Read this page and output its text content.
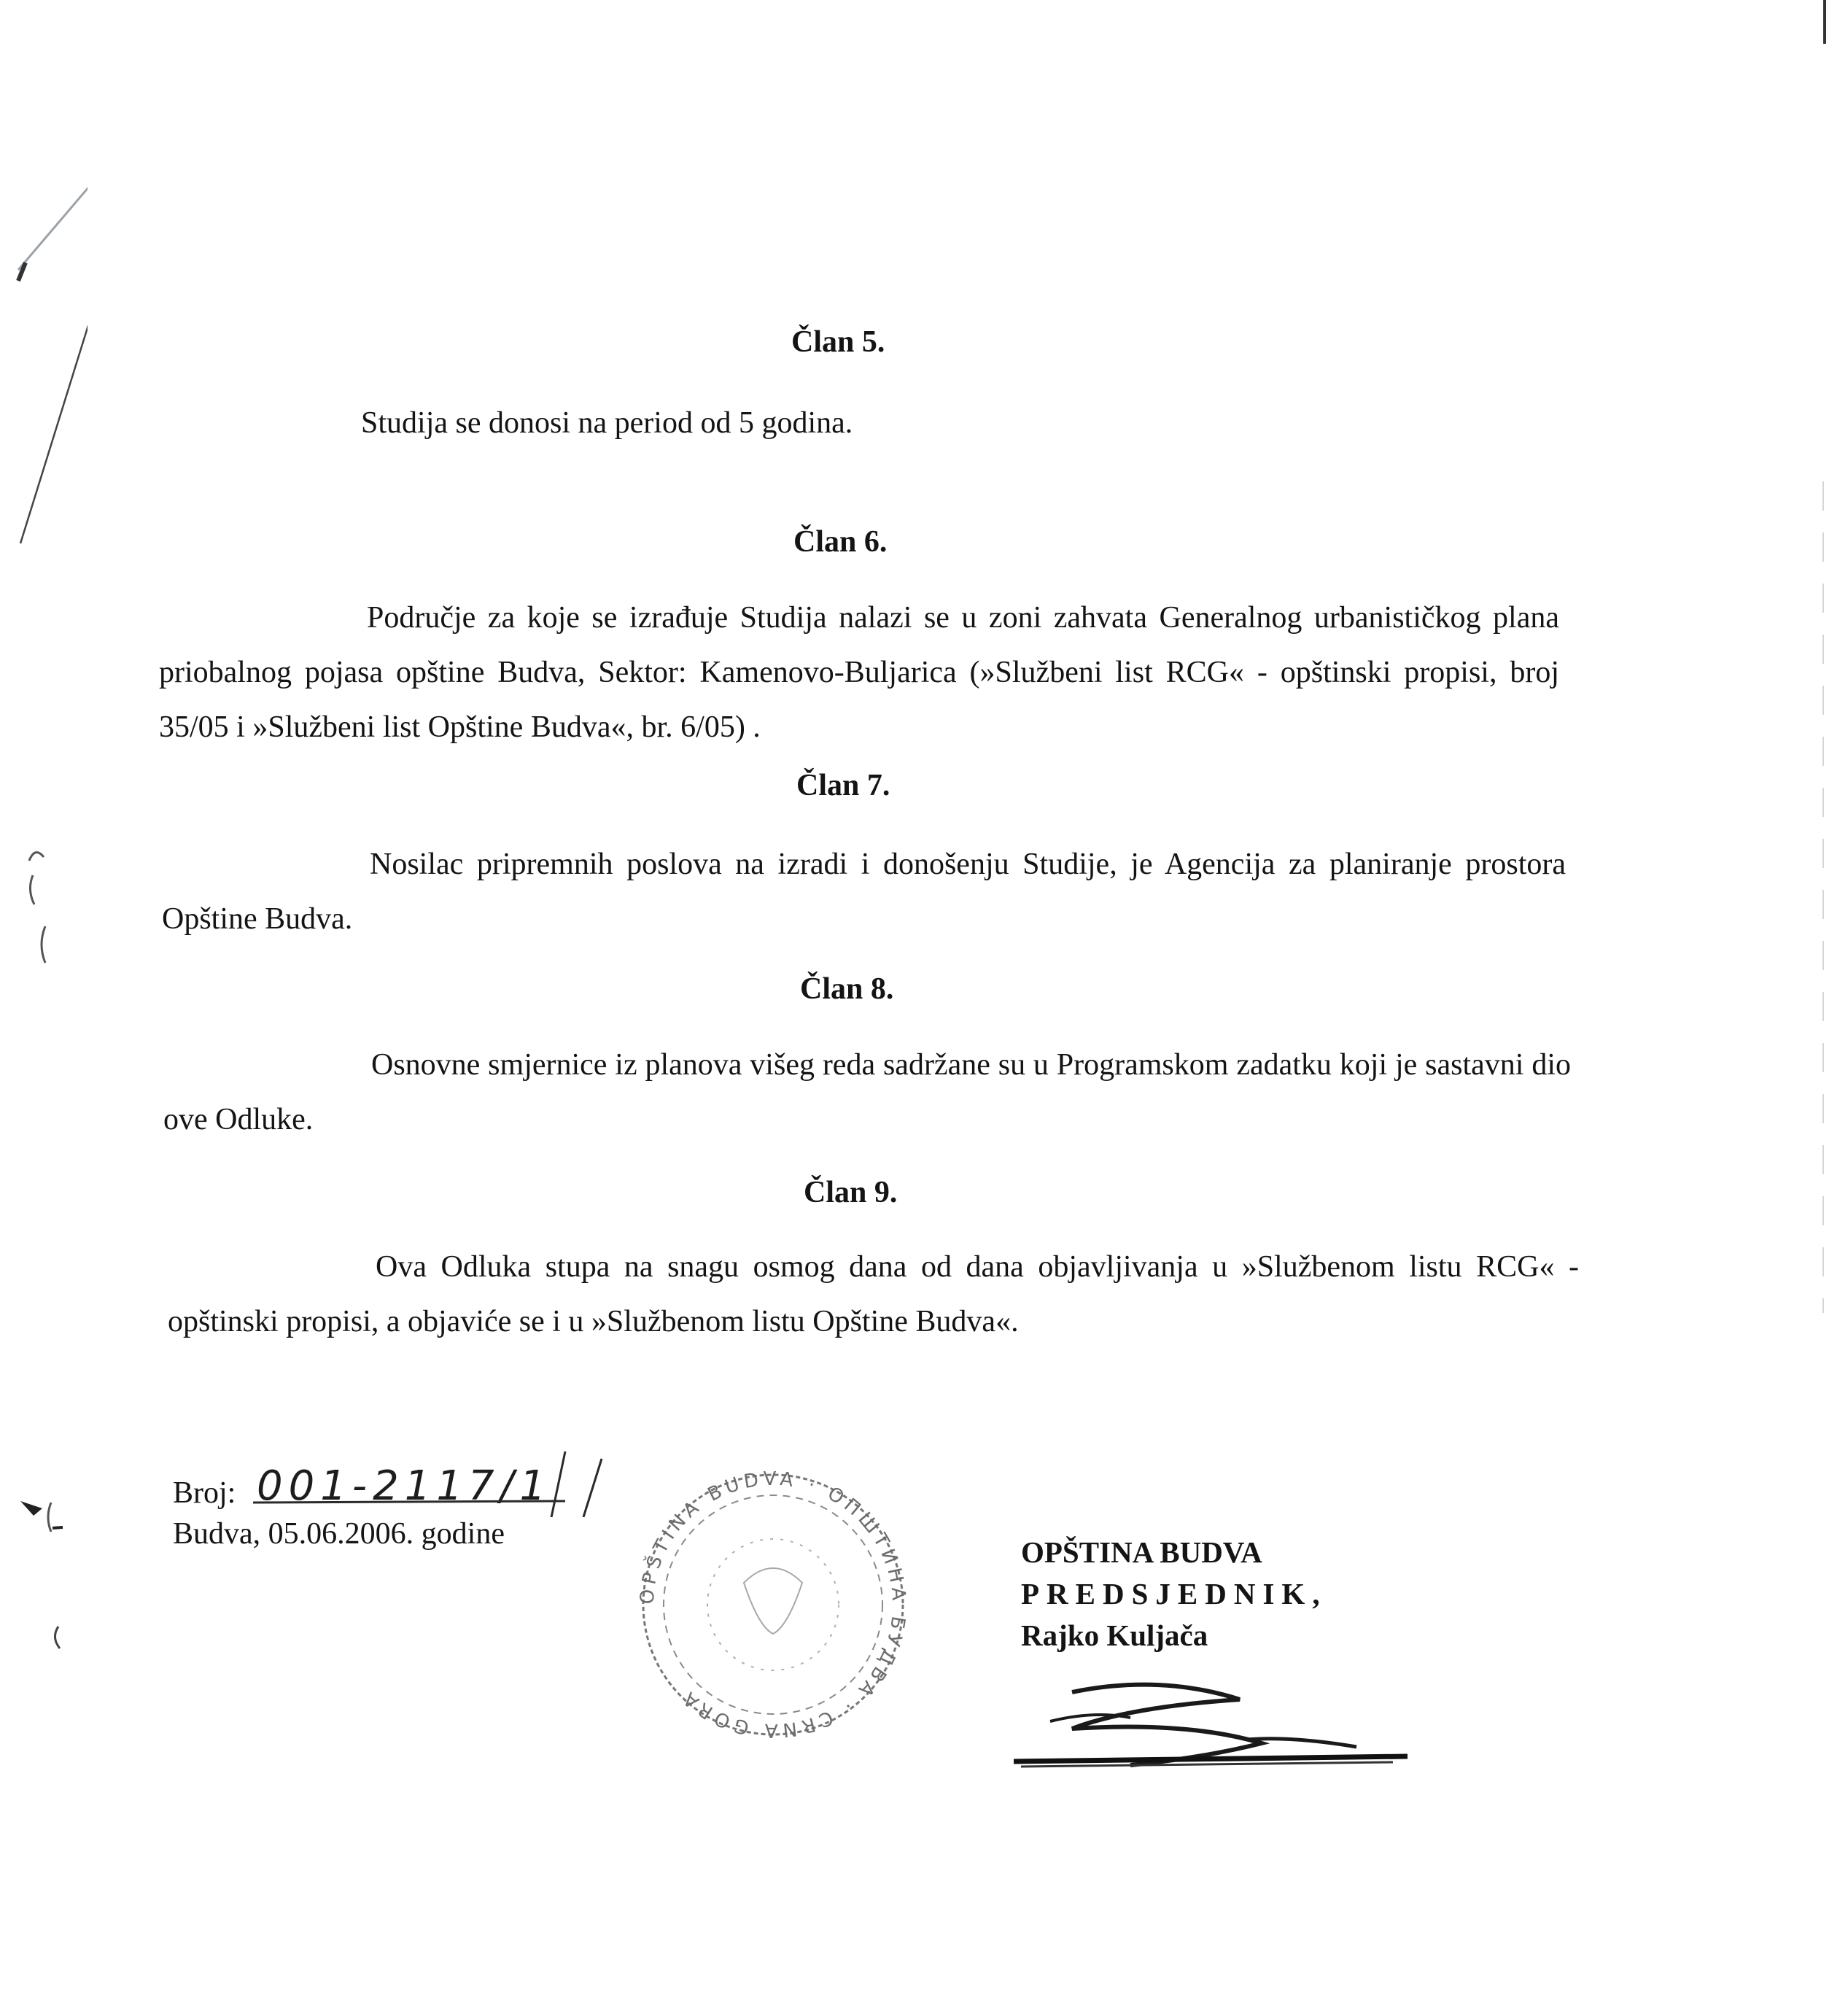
Član 5.

Studija se donosi na period od 5 godina.

Član 6.

Područje za koje se izrađuje Studija nalazi se u zoni zahvata Generalnog urbanističkog plana priobalnog pojasa opštine Budva, Sektor: Kamenovo-Buljarica (»Službeni list RCG« - opštinski propisi, broj 35/05 i »Službeni list Opštine Budva«, br. 6/05) .

Član 7.

Nosilac pripremnih poslova na izradi i donošenju Studije, je Agencija za planiranje prostora Opštine Budva.

Član 8.

Osnovne smjernice iz planova višeg reda sadržane su u Programskom zadatku koji je sastavni dio ove Odluke.

Član 9.

Ova Odluka stupa na snagu osmog dana od dana objavljivanja u »Službenom listu RCG« - opštinski propisi, a objaviće se i u »Službenom listu Opštine Budva«.

Broj: 001-2117/1
Budva, 05.06.2006. godine
OPŠTINA BUDVA · ОПШТИНА БУДВА · CRNA GORA
OPŠTINA BUDVA
PREDSJEDNIK,
Rajko Kuljača
